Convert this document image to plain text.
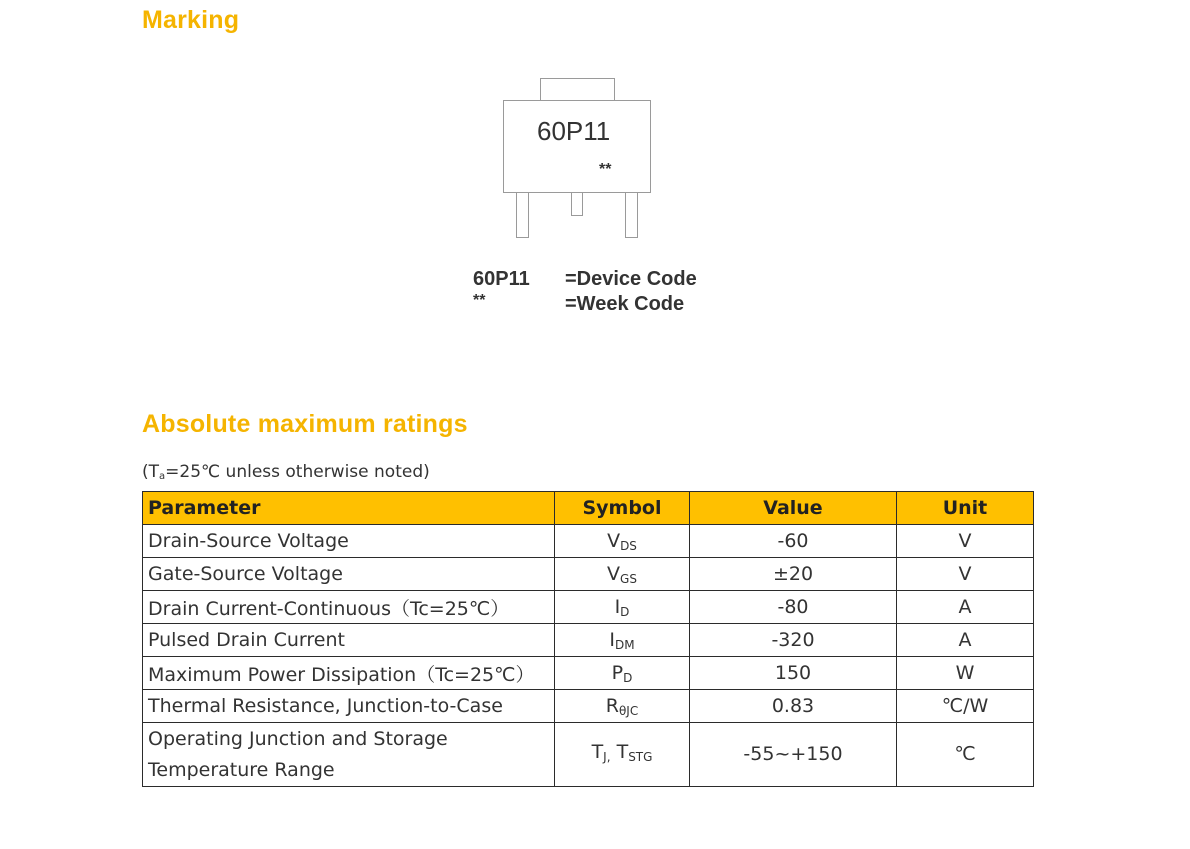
Marking
60P11
**
60P11 =Device Code
**	=Week Code
Absolute maximum ratings
($T_a=25℃$ unless otherwise noted)
Parameter	Symbol	Value	Unit
Drain-Source Voltage	$V_{DS}$	-60	V
Gate-Source Voltage	$V_{GS}$	±20	V
Drain Current-Continuous（Tc=25℃）	$I_D$	-80	A
Pulsed Drain Current	$I_{DM}$	-320	A
Maximum Power Dissipation（Tc=25℃）	$P_D$	150	W
Thermal Resistance, Junction-to-Case	$R_{\theta JC}$	0.83	℃/W
Operating Junction and Storage
Temperature Range	$T_{J,}$ $T_{STG}$	-55~+150	℃
